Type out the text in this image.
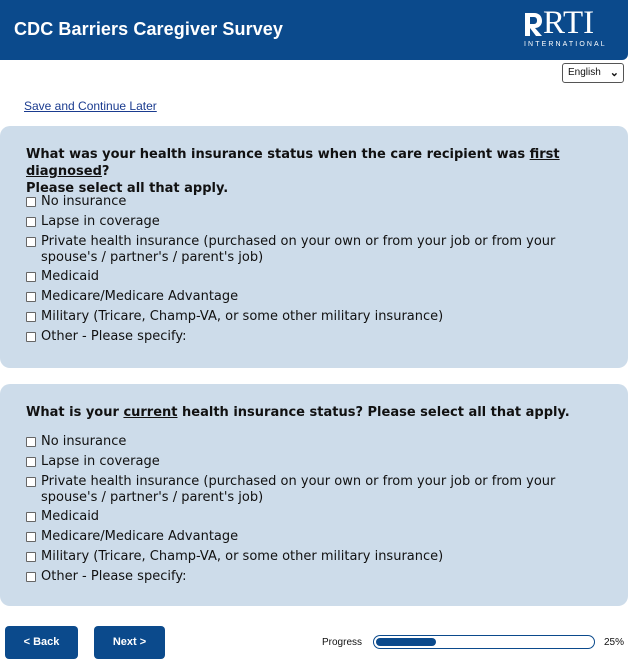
CDC Barriers Caregiver Survey	RTI
INTERNATIONAL
English ⌄
Save and Continue Later
What was your health insurance status when the care recipient was first diagnosed?
Please select all that apply.
No insurance
Lapse in coverage
Private health insurance (purchased on your own or from your job or from your spouse's / partner's / parent's job)
Medicaid
Medicare/Medicare Advantage
Military (Tricare, Champ-VA, or some other military insurance)
Other - Please specify:
What is your current health insurance status? Please select all that apply.
No insurance
Lapse in coverage
Private health insurance (purchased on your own or from your job or from your spouse's / partner's / parent's job)
Medicaid
Medicare/Medicare Advantage
Military (Tricare, Champ-VA, or some other military insurance)
Other - Please specify:
< Back	Next >	Progress	25%
